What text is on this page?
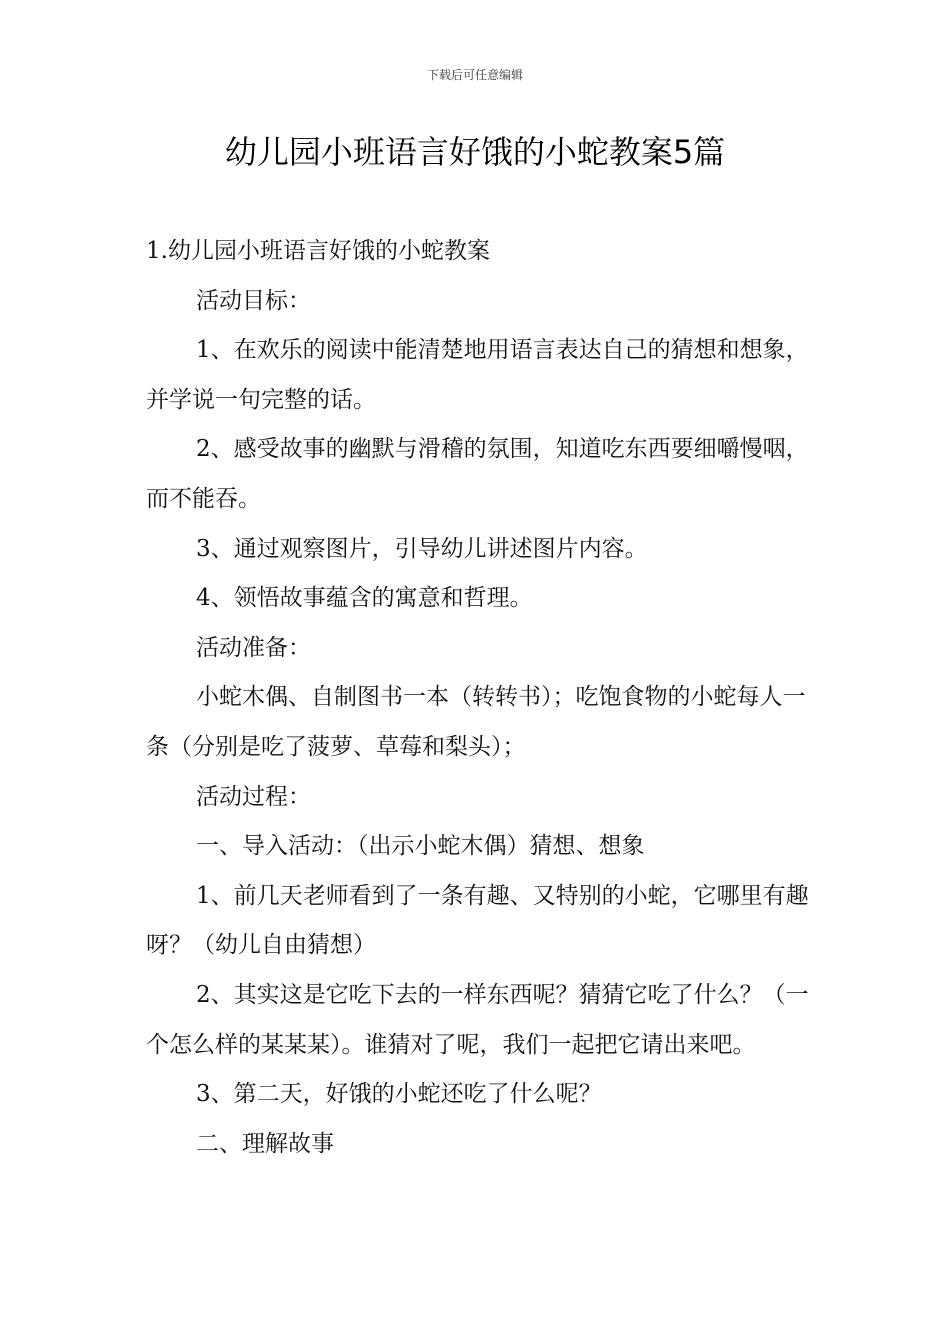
下载后可任意编辑
幼儿园小班语言好饿的小蛇教案5篇

1.幼儿园小班语言好饿的小蛇教案

活动目标：

1、在欢乐的阅读中能清楚地用语言表达自己的猜想和想象，并学说一句完整的话。

2、感受故事的幽默与滑稽的氛围，知道吃东西要细嚼慢咽，而不能吞。

3、通过观察图片，引导幼儿讲述图片内容。

4、领悟故事蕴含的寓意和哲理。

活动准备：

小蛇木偶、自制图书一本（转转书）；吃饱食物的小蛇每人一条（分别是吃了菠萝、草莓和梨头）；

活动过程：

一、导入活动：（出示小蛇木偶）猜想、想象

1、前几天老师看到了一条有趣、又特别的小蛇，它哪里有趣呀？（幼儿自由猜想）

2、其实这是它吃下去的一样东西呢？猜猜它吃了什么？（一个怎么样的某某某）。谁猜对了呢，我们一起把它请出来吧。

3、第二天，好饿的小蛇还吃了什么呢？

二、理解故事
